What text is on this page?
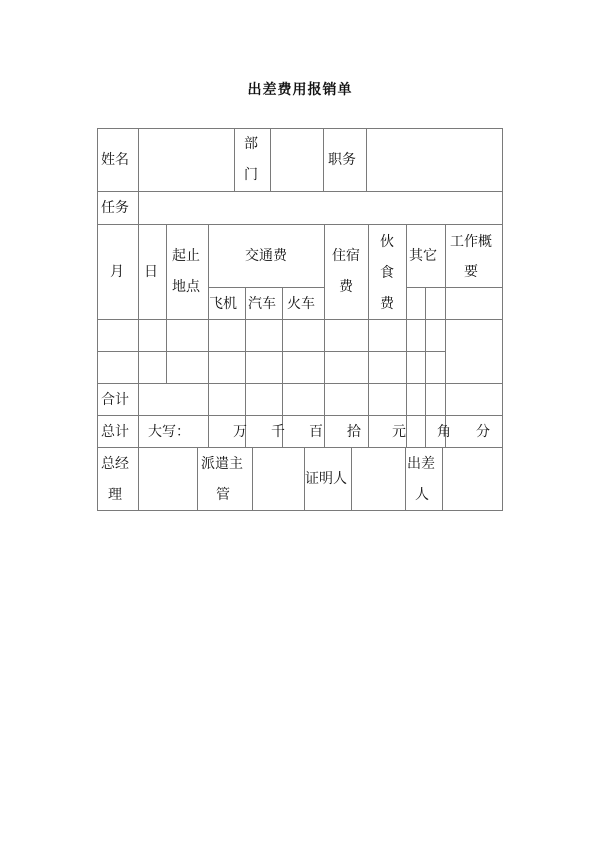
出差费用报销单
姓名
部
门
职务
任务
月 日
起止
地点
交通费
飞机 汽车 火车
住宿
费
伙
食
费
其它
工作概
要
合计
总计 大写：	万 千 百 拾 元 角 分
总经
理
派遣主
管
证明人
出差
人
